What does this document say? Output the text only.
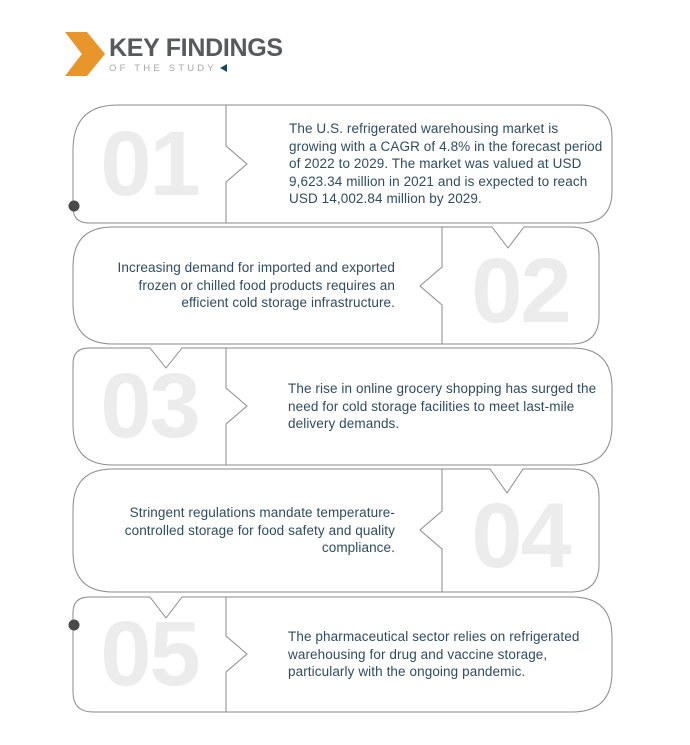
KEY FINDINGS
OF THE STUDY
01	The U.S. refrigerated warehousing market is growing with a CAGR of 4.8% in the forecast period of 2022 to 2029. The market was valued at USD 9,623.34 million in 2021 and is expected to reach USD 14,002.84 million by 2029.
02
Increasing demand for imported and exported frozen or chilled food products requires an efficient cold storage infrastructure.
03	The rise in online grocery shopping has surged the need for cold storage facilities to meet last-mile delivery demands.
04
Stringent regulations mandate temperature-controlled storage for food safety and quality compliance.
05	The pharmaceutical sector relies on refrigerated warehousing for drug and vaccine storage, particularly with the ongoing pandemic.
